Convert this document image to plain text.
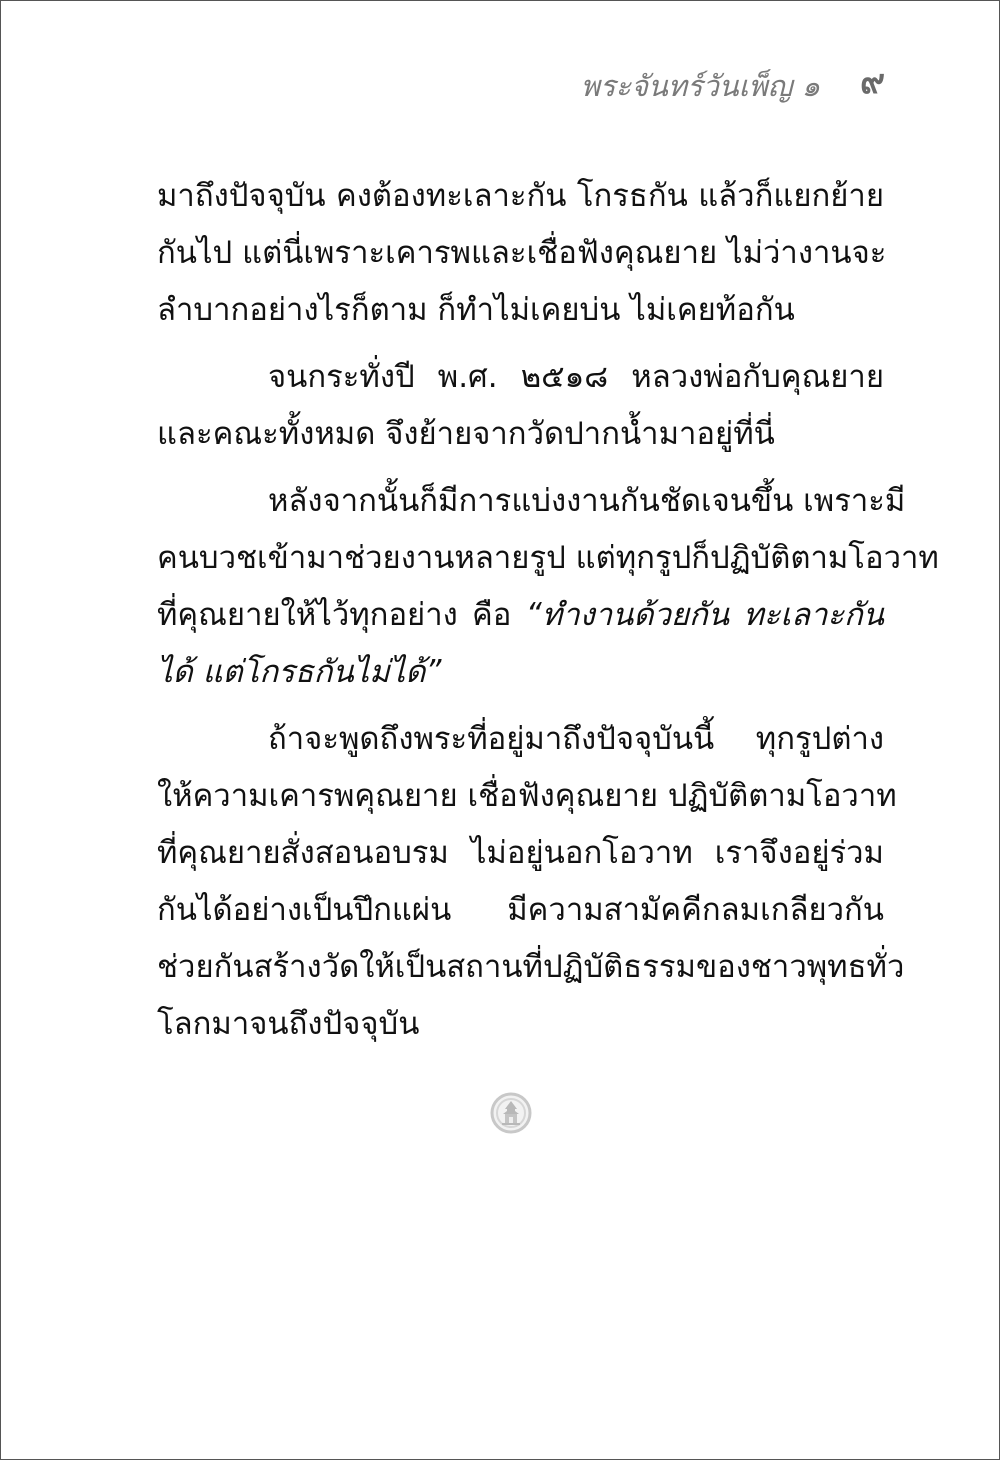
พระจันทร์วันเพ็ญ ๑ ๙
มาถึงปัจจุบัน คงต้องทะเลาะกัน โกรธกัน แล้วก็แยกย้าย
กันไป แต่นี่เพราะเคารพและเชื่อฟังคุณยาย ไม่ว่างานจะ
ลำบากอย่างไรก็ตาม ก็ทำไม่เคยบ่น ไม่เคยท้อกัน
จนกระทั่งปี พ.ศ. ๒๕๑๘ หลวงพ่อกับคุณยาย
และคณะทั้งหมด จึงย้ายจากวัดปากน้ำมาอยู่ที่นี่
หลังจากนั้นก็มีการแบ่งงานกันชัดเจนขึ้น เพราะมี
คนบวชเข้ามาช่วยงานหลายรูป แต่ทุกรูปก็ปฏิบัติตามโอวาท
ที่คุณยายให้ไว้ทุกอย่าง คือ “ทำงานด้วยกัน ทะเลาะกัน
ได้ แต่โกรธกันไม่ได้”
ถ้าจะพูดถึงพระที่อยู่มาถึงปัจจุบันนี้ ทุกรูปต่าง
ให้ความเคารพคุณยาย เชื่อฟังคุณยาย ปฏิบัติตามโอวาท
ที่คุณยายสั่งสอนอบรม ไม่อยู่นอกโอวาท เราจึงอยู่ร่วม
กันได้อย่างเป็นปึกแผ่น มีความสามัคคีกลมเกลียวกัน
ช่วยกันสร้างวัดให้เป็นสถานที่ปฏิบัติธรรมของชาวพุทธทั่ว
โลกมาจนถึงปัจจุบัน
